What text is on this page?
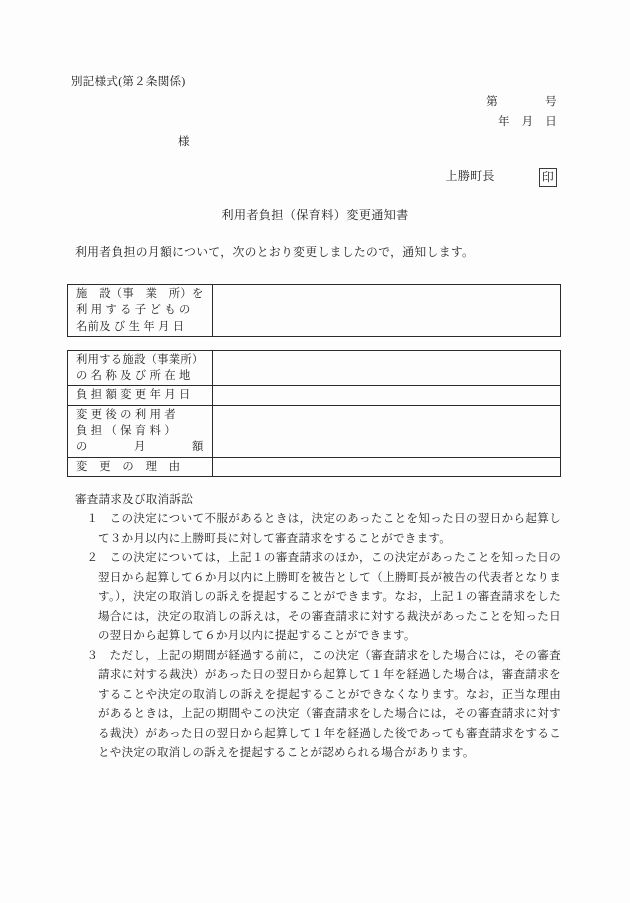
別記様式(第２条関係)
第　　　　号
年　月　日
様
上勝町長	印
利用者負担（保育料）変更通知書

利用者負担の月額について，次のとおり変更しましたので，通知します。

施　設（事　業　所）を
利 用 す る 子 ど も の
名前及 び 生 年 月 日

利用する施設（事業所）
の 名 称 及 び 所 在 地	

負 担 額 変 更 年 月 日	

変 更 後 の 利 用 者
負 担 （ 保 育 料 ）
の　　　　月　　　　額	

変　更　の　理　由	

審査請求及び取消訴訟

１ この決定について不服があるときは，決定のあったことを知った日の翌日から起算して３か月以内に上勝町長に対して審査請求をすることができます。

２ この決定については，上記１の審査請求のほか，この決定があったことを知った日の翌日から起算して６か月以内に上勝町を被告として（上勝町長が被告の代表者となります。），決定の取消しの訴えを提起することができます。なお，上記１の審査請求をした場合には，決定の取消しの訴えは，その審査請求に対する裁決があったことを知った日の翌日から起算して６か月以内に提起することができます。

３ ただし，上記の期間が経過する前に，この決定（審査請求をした場合には，その審査請求に対する裁決）があった日の翌日から起算して１年を経過した場合は，審査請求をすることや決定の取消しの訴えを提起することができなくなります。なお，正当な理由があるときは，上記の期間やこの決定（審査請求をした場合には，その審査請求に対する裁決）があった日の翌日から起算して１年を経過した後であっても審査請求をすることや決定の取消しの訴えを提起することが認められる場合があります。
